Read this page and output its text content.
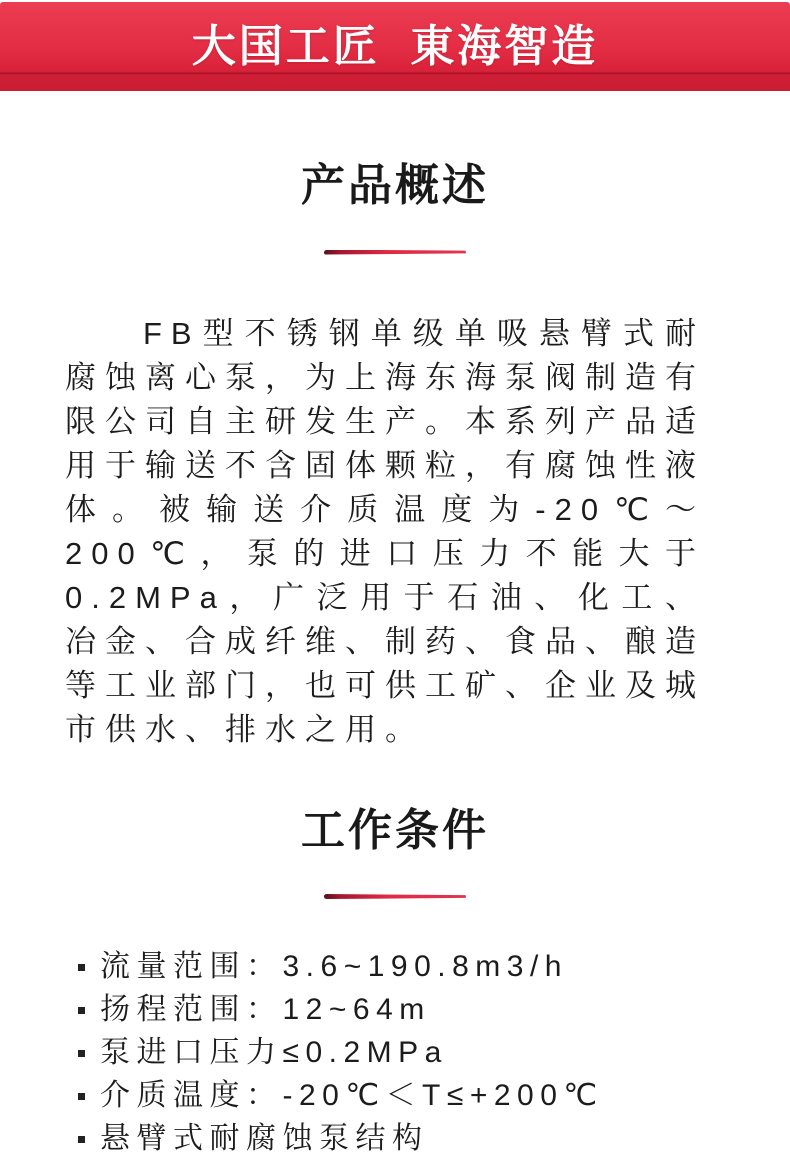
大国工匠  東海智造
产品概述

FB型不锈钢单级单吸悬臂式耐腐蚀离心泵，为上海东海泵阀制造有限公司自主研发生产。本系列产品适用于输送不含固体颗粒，有腐蚀性液体。被输送介质温度为-20℃～200℃，泵的进口压力不能大于0.2MPa，广泛用于石油、化工、冶金、合成纤维、制药、食品、酿造等工业部门，也可供工矿、企业及城市供水、排水之用。

工作条件
流量范围：3.6~190.8m3/h
扬程范围：12~64m
泵进口压力≤0.2MPa
介质温度：-20℃＜T≤+200℃
悬臂式耐腐蚀泵结构
